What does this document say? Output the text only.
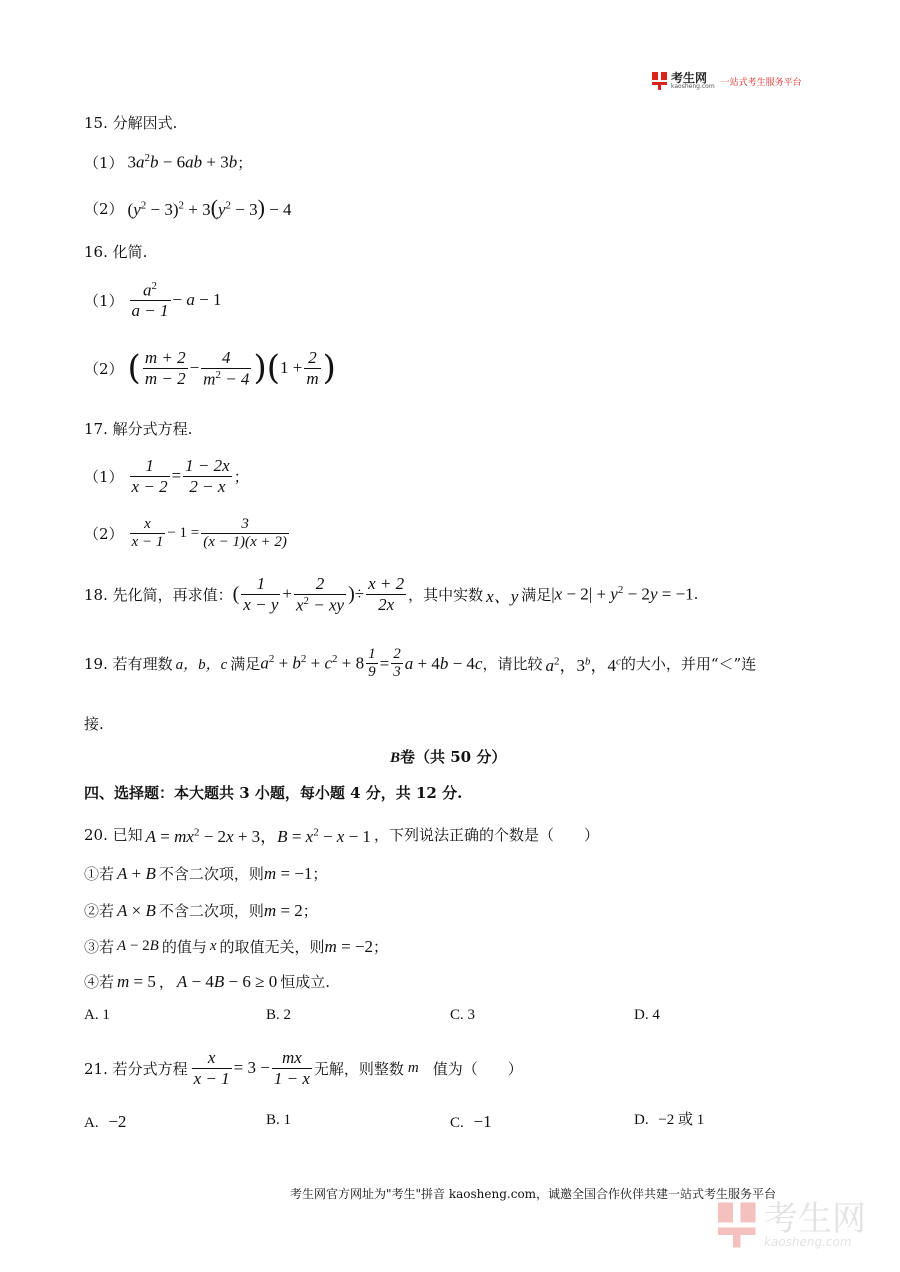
考生网
kaosheng.com 一站式考生服务平台
15. 分解因式.
（1） $3a^2b - 6ab + 3b$ ；
（2） $(y^2 - 3)^2 + 3(y^2 - 3) - 4$
16. 化简.
$(1) \frac{a^2}{a - 1} - a - 1$
（2） ( $\frac{m + 2}{m - 2} - \frac{4}{m^2 - 4}$ ) ( $1 + \frac{2}{m}$ )
17. 解分式方程.
$(1) \frac{1}{x - 2} = \frac{1 - 2x}{2 - x}$ ；
$(2) \frac{x}{x - 1} - 1 = \frac{3}{(x - 1)(x + 2)}$
18. 先化简，再求值： ( $\frac{1}{x - y} + \frac{2}{x^2 - xy}$ ) ÷ $\frac{x + 2}{2x}$ ，其中实数 x、y 满足 $|x - 2| + y^2 - 2y = -1$ .
19. 若有理数 a，b，c 满足 $a^2 + b^2 + c^2 + 8 \frac{1}{9} = \frac{2}{3}$ a + 4b − 4c ，请比较 $a^2$，3$^b$，4$^c$ 的大小，并用“＜”连
接.
B卷（共 50 分）
四、选择题：本大题共 3 小题，每小题 4 分，共 12 分.
20. 已知 $A = mx^2 - 2x + 3$，$B = x^2 - x - 1$ ，下列说法正确的个数是（　　）
①若 A + B 不含二次项，则 m = −1 ；
②若 A × B 不含二次项，则 m = 2 ；
③若 A − 2B 的值与 x 的取值无关，则 m = −2 ；
④若 m = 5 ， A − 4B − 6 ≥ 0 恒成立.
A. 1	B. 2	C. 3	D. 4
21. 若分式方程 $\frac{x}{x - 1} = 3 - \frac{mx}{1 - x}$ 无解，则整数 m 值为（　　）
A. −2	B. 1	C. −1	D. −2 或 1
考生网官方网址为"考生"拼音 kaosheng.com，诚邀全国合作伙伴共建一站式考生服务平台
考生网
kaosheng.com
